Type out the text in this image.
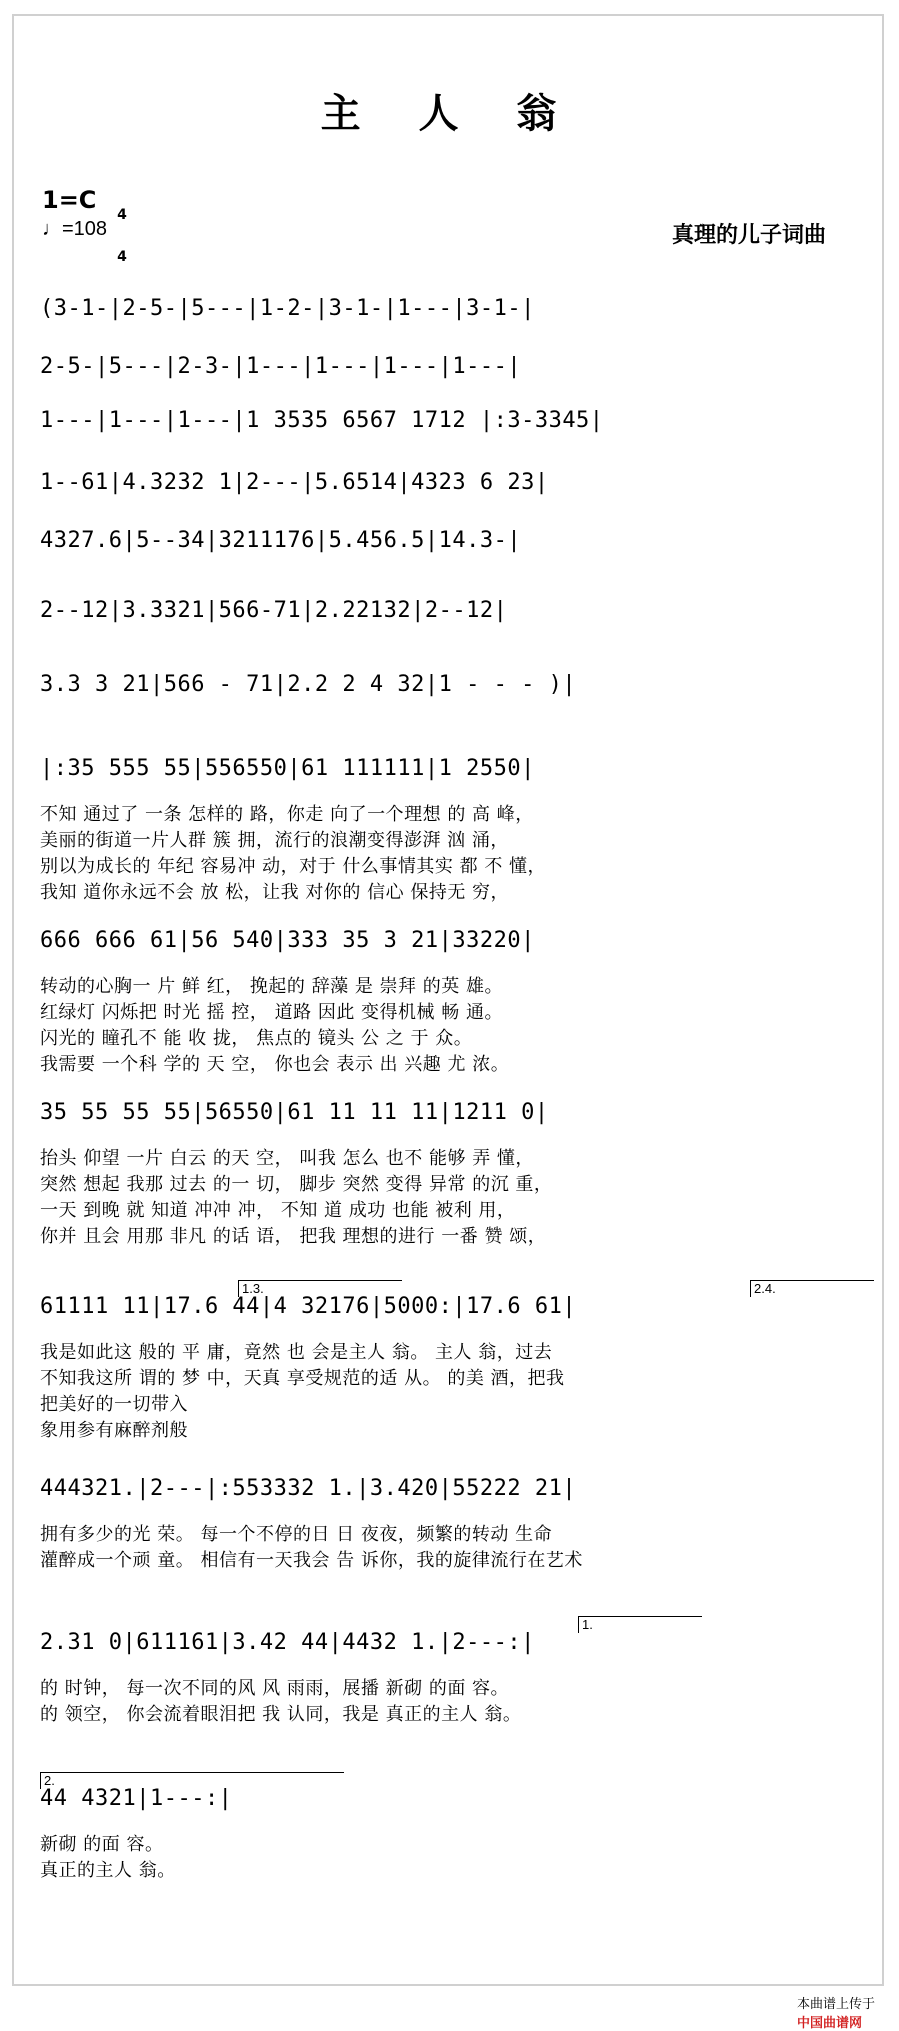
主 人 翁
1=C

4

4

♩=108	真理的儿子词曲
(3-1-|2-5-|5---|1-2-|3-1-|1---|3-1-|
2-5-|5---|2-3-|1---|1---|1---|1---|
1---|1---|1---|1 3535 6567 1712 |:3-3345|
1--61|4.3232 1|2---|5.6514|4323 6 23|
4327.6|5--34|3211176|5.456.5|14.3-|
2--12|3.3321|566-71|2.22132|2--12|
3.3 3 21|566 - 71|2.2 2 4 32|1 - - - )|
|:35 555 55|556550|61 111111|1 2550|
666 666 61|56 540|333 35 3 21|33220|
35 55 55 55|56550|61 11 11 11|1211 0|
61111 11|17.6 44|4 32176|5000:|17.6 61|
444321.|2---|:553332 1.|3.420|55222 21|
2.31 0|611161|3.42 44|4432 1.|2---:|
44 4321|1---:|
不知 通过了 一条 怎样的 路，你走 向了一个理想 的 高 峰，
美丽的街道一片人群 簇 拥，流行的浪潮变得澎湃 汹 涌，
别以为成长的 年纪 容易冲 动，对于 什么事情其实 都 不 懂，
我知 道你永远不会 放 松，让我 对你的 信心 保持无 穷，
转动的心胸一 片 鲜 红， 挽起的 辞藻 是 崇拜 的英 雄。
红绿灯 闪烁把 时光 摇 控， 道路 因此 变得机械 畅 通。
闪光的 瞳孔不 能 收 拢， 焦点的 镜头 公 之 于 众。
我需要 一个科 学的 天 空， 你也会 表示 出 兴趣 尤 浓。
抬头 仰望 一片 白云 的天 空， 叫我 怎么 也不 能够 弄 懂，
突然 想起 我那 过去 的一 切， 脚步 突然 变得 异常 的沉 重，
一天 到晚 就 知道 冲冲 冲， 不知 道 成功 也能 被利 用，
你并 且会 用那 非凡 的话 语， 把我 理想的进行 一番 赞 颂，
我是如此这 般的 平 庸，竟然 也 会是主人 翁。 主人 翁，过去
不知我这所 谓的 梦 中，天真 享受规范的适 从。 的美 酒，把我
把美好的一切带入
象用参有麻醉剂般
拥有多少的光 荣。 每一个不停的日 日 夜夜，频繁的转动 生命
灌醉成一个顽 童。 相信有一天我会 告 诉你，我的旋律流行在艺术
的 时钟， 每一次不同的风 风 雨雨，展播 新砌 的面 容。
的 领空， 你会流着眼泪把 我 认同，我是 真正的主人 翁。
新砌 的面 容。
真正的主人 翁。
1.3.	2.4.
1.
2.

本曲谱上传于
中国曲谱网
